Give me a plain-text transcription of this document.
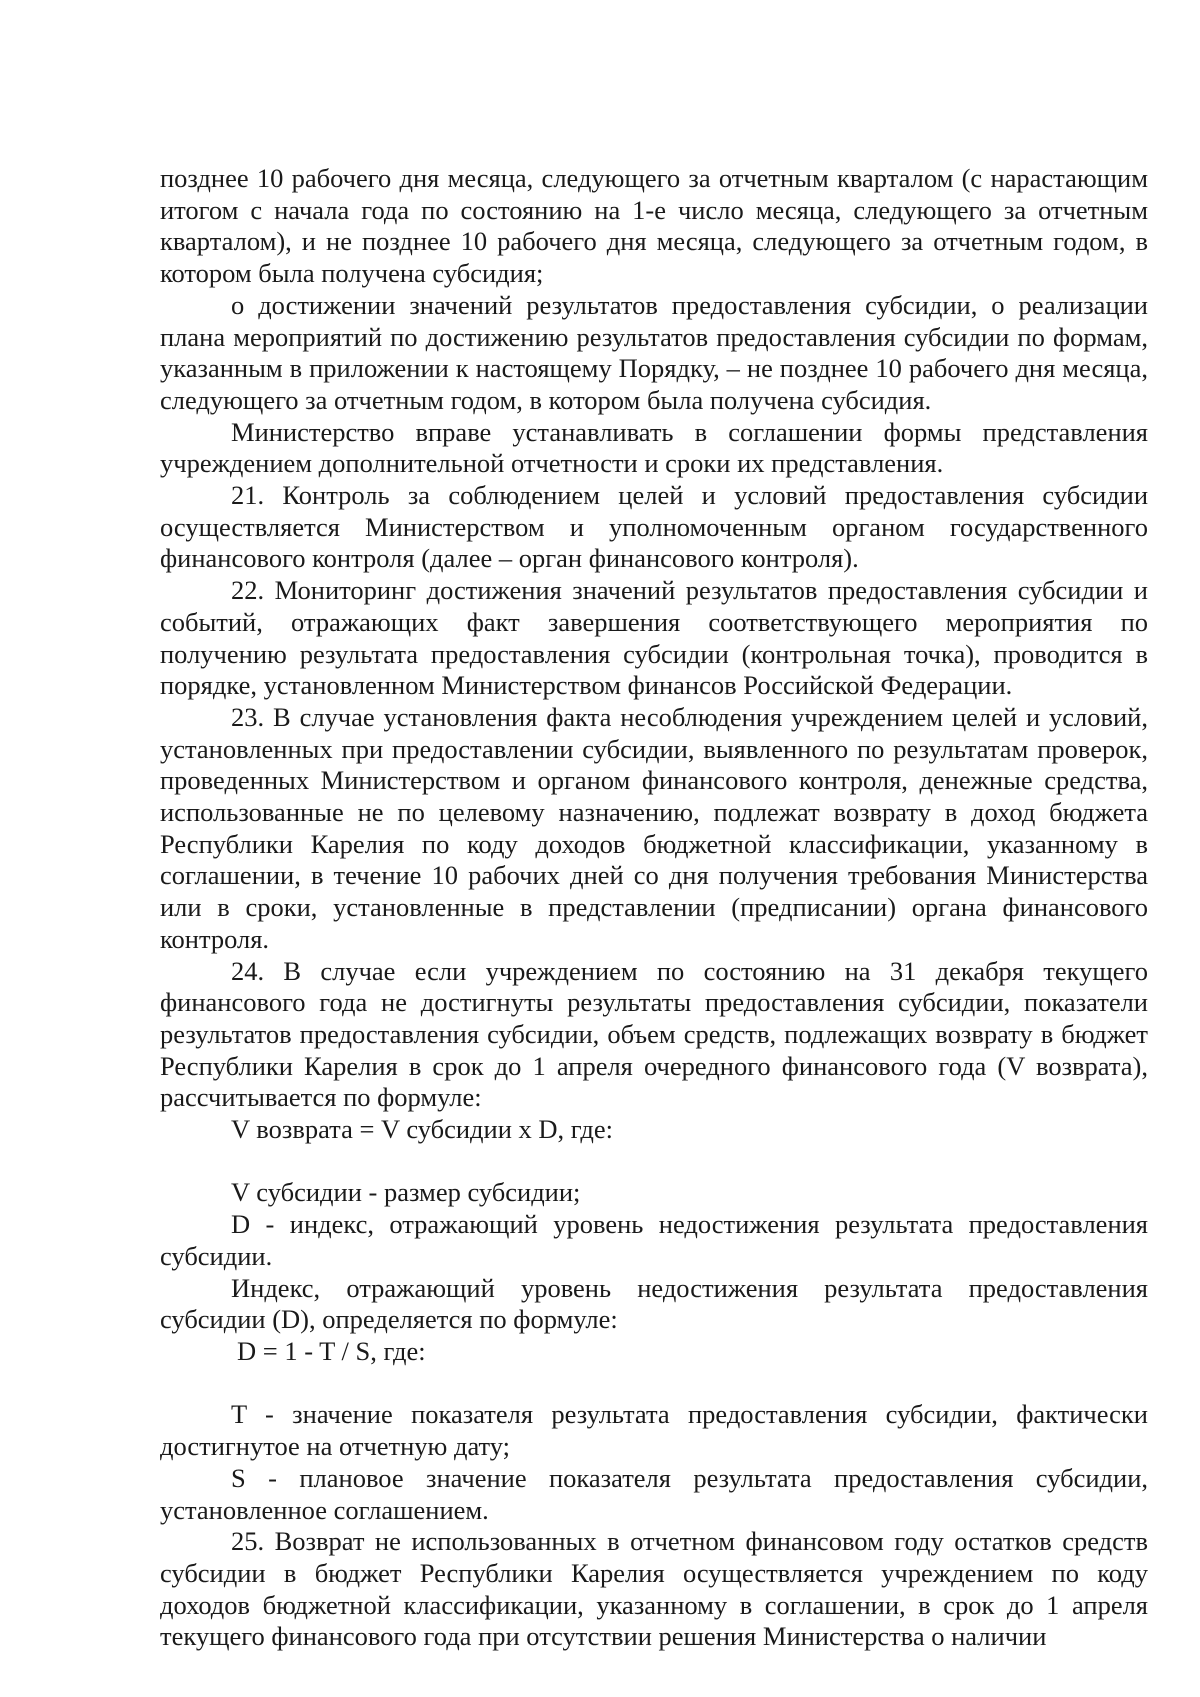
позднее 10 рабочего дня месяца, следующего за отчетным кварталом (с нарастающим итогом с начала года по состоянию на 1-е число месяца, следующего за отчетным кварталом), и не позднее 10 рабочего дня месяца, следующего за отчетным годом, в котором была получена субсидия;

о достижении значений результатов предоставления субсидии, о реализации плана мероприятий по достижению результатов предоставления субсидии по формам, указанным в приложении к настоящему Порядку, – не позднее 10 рабочего дня месяца, следующего за отчетным годом, в котором была получена субсидия.

Министерство вправе устанавливать в соглашении формы представления учреждением дополнительной отчетности и сроки их представления.

21. Контроль за соблюдением целей и условий предоставления субсидии осуществляется Министерством и уполномоченным органом государственного финансового контроля (далее – орган финансового контроля).

22. Мониторинг достижения значений результатов предоставления субсидии и событий, отражающих факт завершения соответствующего мероприятия по получению результата предоставления субсидии (контрольная точка), проводится в порядке, установленном Министерством финансов Российской Федерации.

23. В случае установления факта несоблюдения учреждением целей и условий, установленных при предоставлении субсидии, выявленного по результатам проверок, проведенных Министерством и органом финансового контроля, денежные средства, использованные не по целевому назначению, подлежат возврату в доход бюджета Республики Карелия по коду доходов бюджетной классификации, указанному в соглашении, в течение 10 рабочих дней со дня получения требования Министерства или в сроки, установленные в представлении (предписании) органа финансового контроля.

24. В случае если учреждением по состоянию на 31 декабря текущего финансового года не достигнуты результаты предоставления субсидии, показатели результатов предоставления субсидии, объем средств, подлежащих возврату в бюджет Республики Карелия в срок до 1 апреля очередного финансового года (V возврата), рассчитывается по формуле:

V возврата = V субсидии x D, где:

V субсидии - размер субсидии;

D - индекс, отражающий уровень недостижения результата предоставления субсидии.

Индекс, отражающий уровень недостижения результата предоставления субсидии (D), определяется по формуле:

D = 1 - T / S, где:

T - значение показателя результата предоставления субсидии, фактически достигнутое на отчетную дату;

S - плановое значение показателя результата предоставления субсидии, установленное соглашением.

25. Возврат не использованных в отчетном финансовом году остатков средств субсидии в бюджет Республики Карелия осуществляется учреждением по коду доходов бюджетной классификации, указанному в соглашении, в срок до 1 апреля текущего финансового года при отсутствии решения Министерства о наличии
